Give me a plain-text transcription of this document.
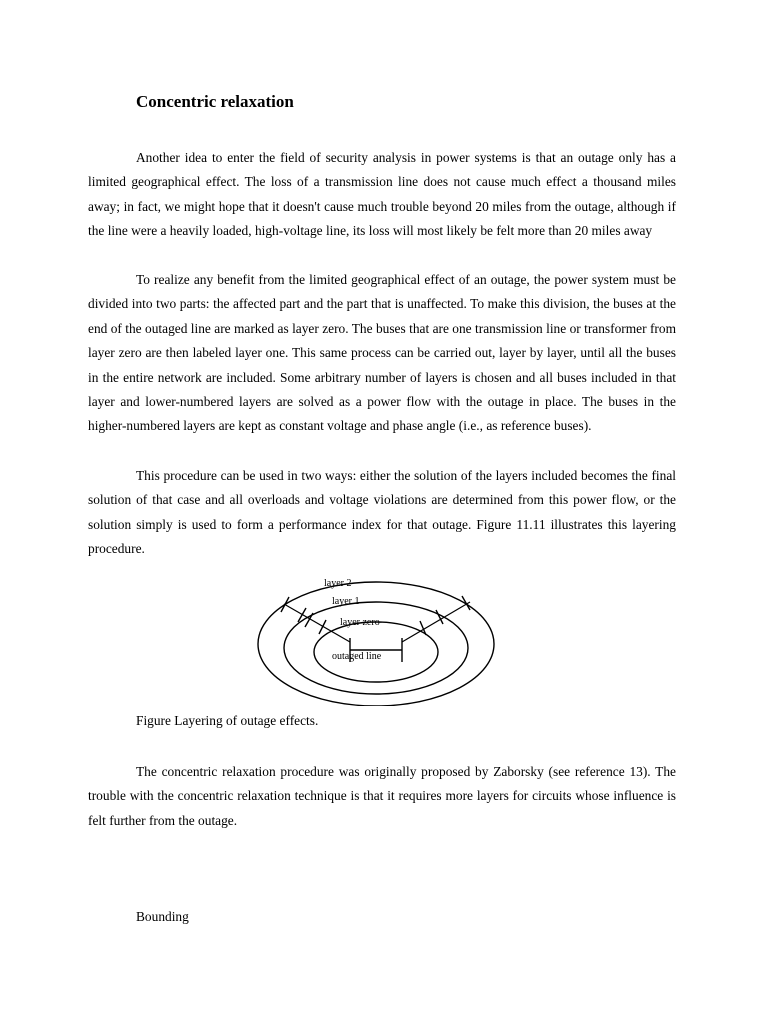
Concentric relaxation

Another idea to enter the field of security analysis in power systems is that an outage only has a limited geographical effect. The loss of a transmission line does not cause much effect a thousand miles away; in fact, we might hope that it doesn't cause much trouble beyond 20 miles from the outage, although if the line were a heavily loaded, high-voltage line, its loss will most likely be felt more than 20 miles away

To realize any benefit from the limited geographical effect of an outage, the power system must be divided into two parts: the affected part and the part that is unaffected. To make this division, the buses at the end of the outaged line are marked as layer zero. The buses that are one transmission line or transformer from layer zero are then labeled layer one. This same process can be carried out, layer by layer, until all the buses in the entire network are included. Some arbitrary number of layers is chosen and all buses included in that layer and lower-numbered layers are solved as a power flow with the outage in place. The buses in the higher-numbered layers are kept as constant voltage and phase angle (i.e., as reference buses).

This procedure can be used in two ways: either the solution of the layers included becomes the final solution of that case and all overloads and voltage violations are determined from this power flow, or the solution simply is used to form a performance index for that outage. Figure 11.11 illustrates this layering procedure.

layer 2
layer 1
layer zero
outaged line

Figure Layering of outage effects.

The concentric relaxation procedure was originally proposed by Zaborsky (see reference 13). The trouble with the concentric relaxation technique is that it requires more layers for circuits whose influence is felt further from the outage.

Bounding
